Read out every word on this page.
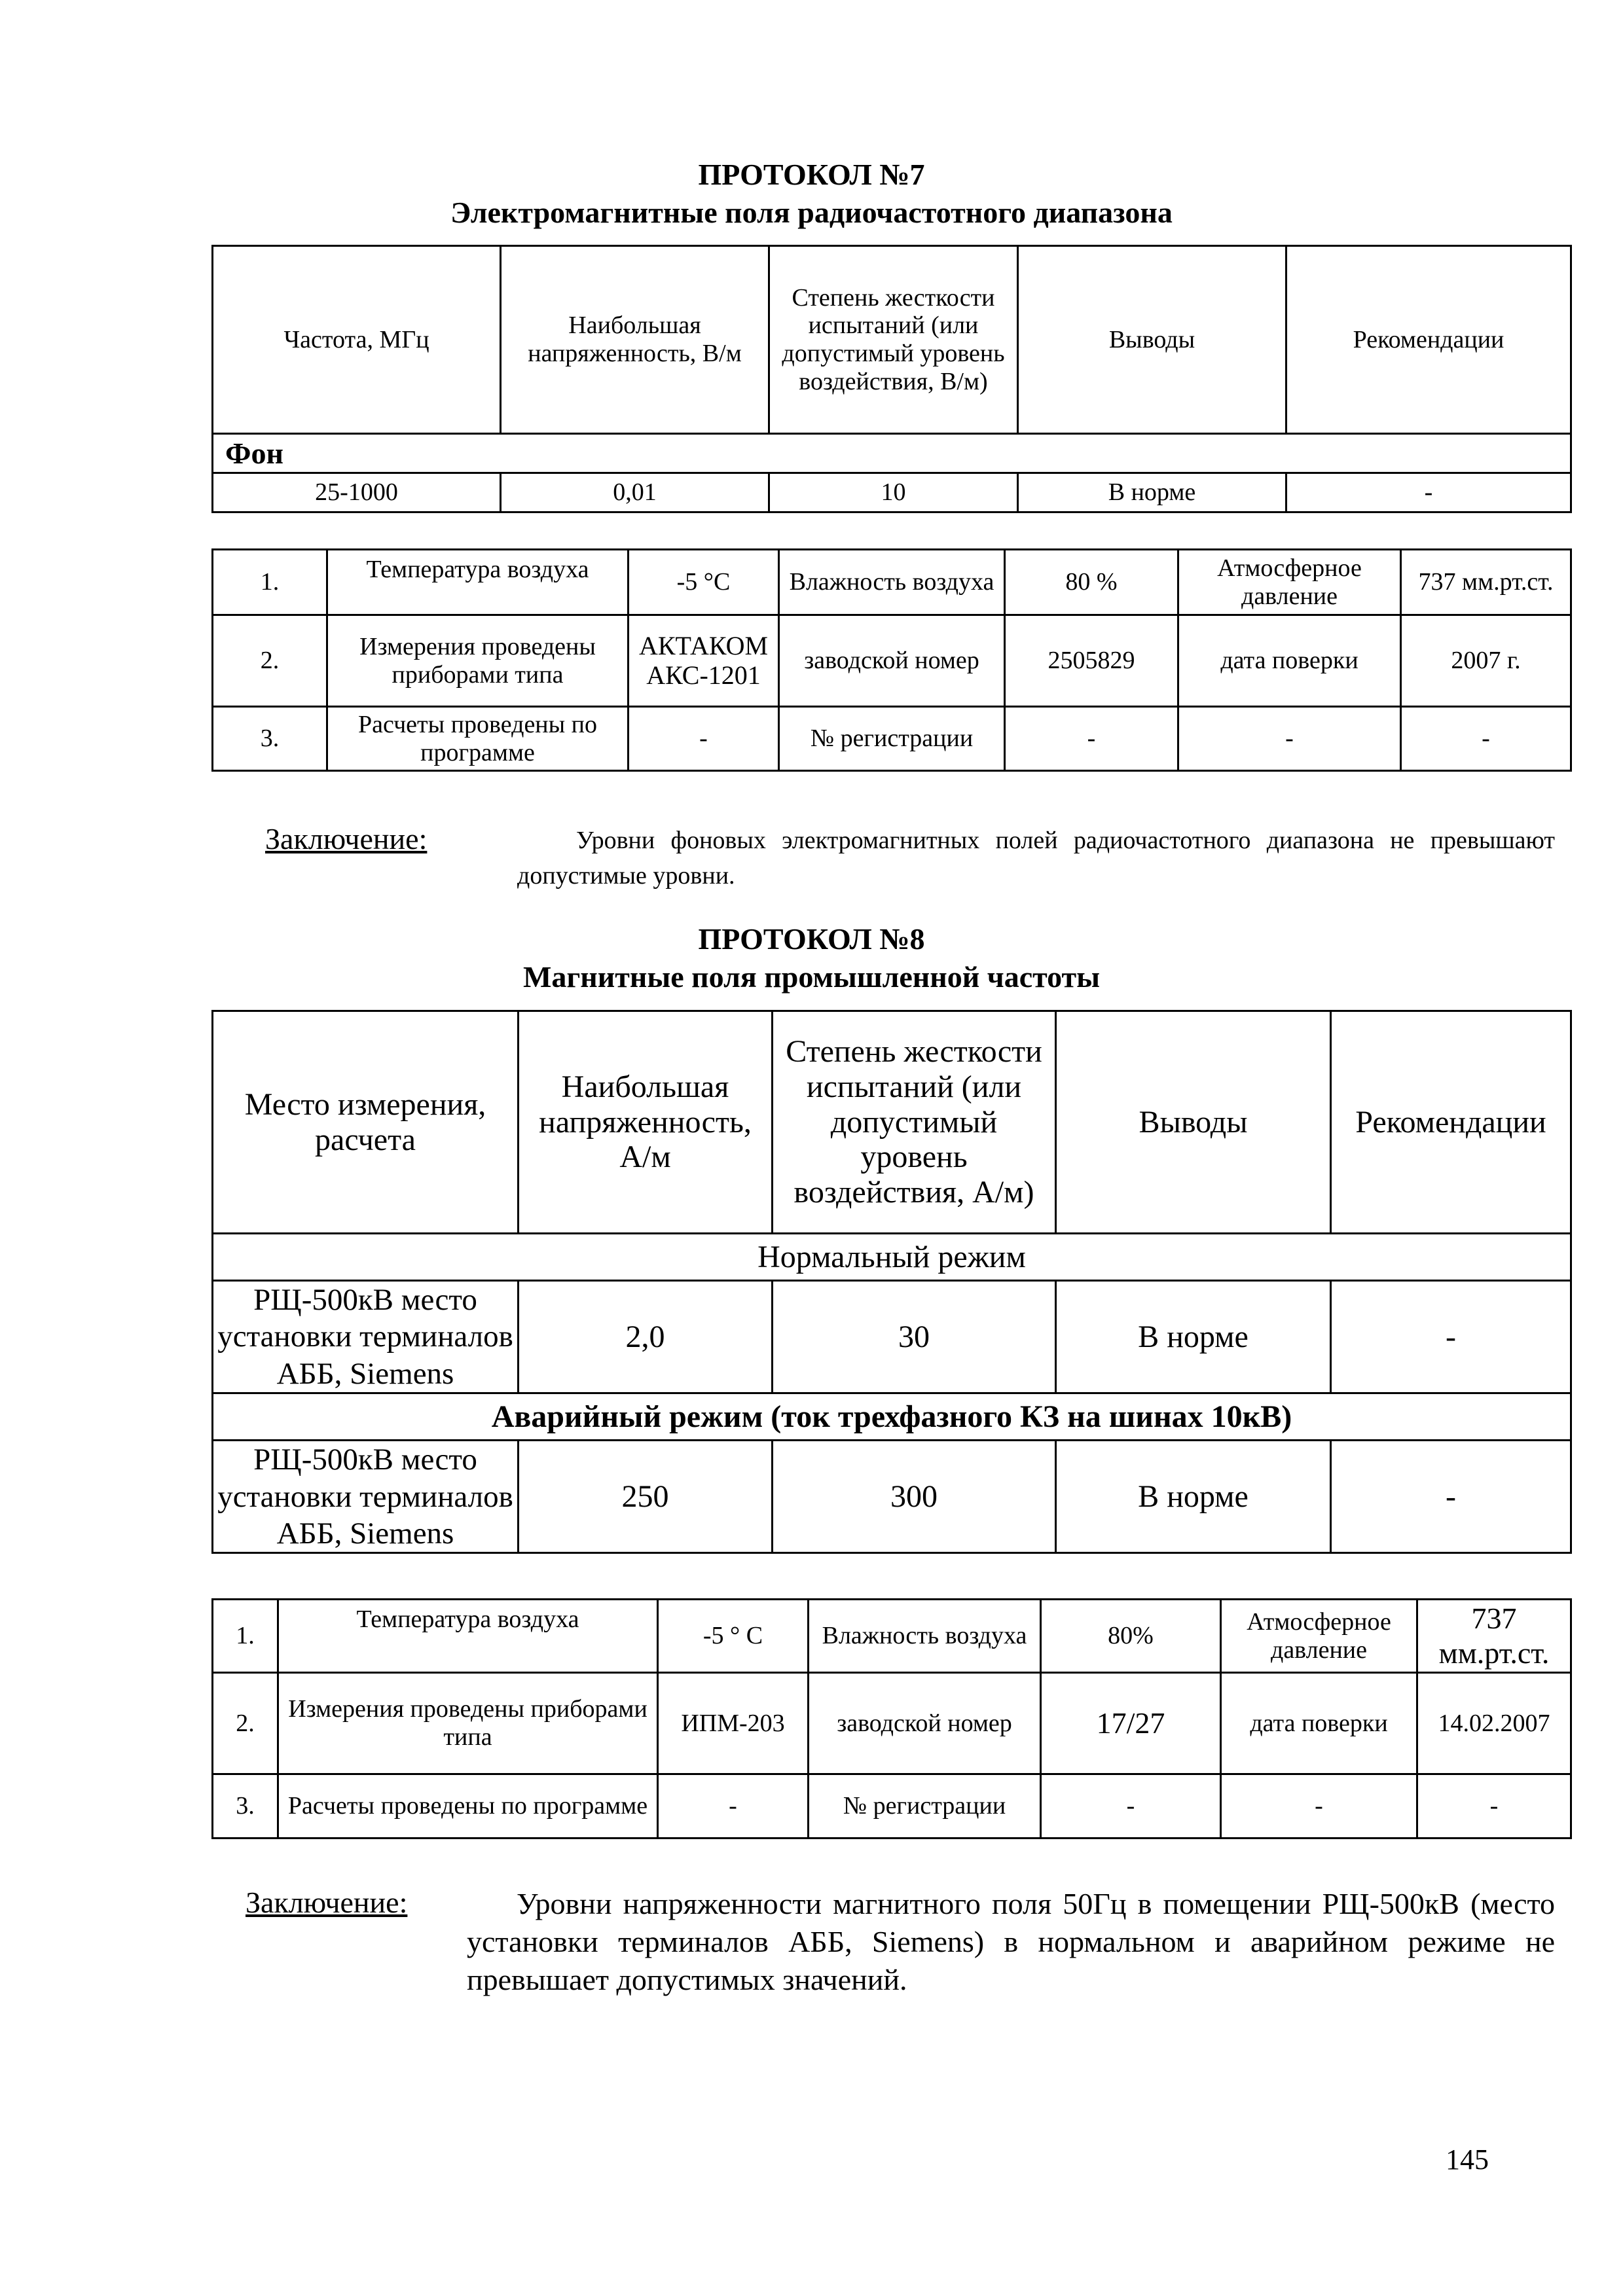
ПРОТОКОЛ №7
Электромагнитные поля радиочастотного диапазона
Частота, МГц	Наибольшая напряженность, В/м	Степень жесткости испытаний (или допустимый уровень воздействия, В/м)	Выводы	Рекомендации
Фон				
25-1000	0,01	10	В норме	-
1.	Температура воздуха	-5 °С	Влажность воздуха	80 %	Атмосферное давление	737 мм.рт.ст.
2.	Измерения проведены приборами типа	АКТАКОМ АКС-1201	заводской номер	2505829	дата поверки	2007 г.
3.	Расчеты проведены по программе	-	№ регистрации	-	-	-
Заключение:	Уровни фоновых электромагнитных полей радиочастотного диапазона не превышают допустимые уровни.
ПРОТОКОЛ №8
Магнитные поля промышленной частоты
Место измерения, расчета	Наибольшая напряженность, А/м	Степень жесткости испытаний (или допустимый уровень воздействия, А/м)	Выводы	Рекомендации
Нормальный режим				
РЩ-500кВ место установки терминалов АББ, Siemens	2,0	30	В норме	-
Аварийный режим (ток трехфазного КЗ на шинах 10кВ)				
РЩ-500кВ место установки терминалов АББ, Siemens	250	300	В норме	-
1.	Температура воздуха	-5 ° С	Влажность воздуха	80%	Атмосферное давление	737 мм.рт.ст.
2.	Измерения проведены приборами типа	ИПМ-203	заводской номер	17/27	дата поверки	14.02.2007
3.	Расчеты проведены по программе	-	№ регистрации	-	-	-
Заключение:	Уровни напряженности магнитного поля 50Гц в помещении РЩ-500кВ (место установки терминалов АББ, Siemens) в нормальном и аварийном режиме не превышает допустимых значений.
145
